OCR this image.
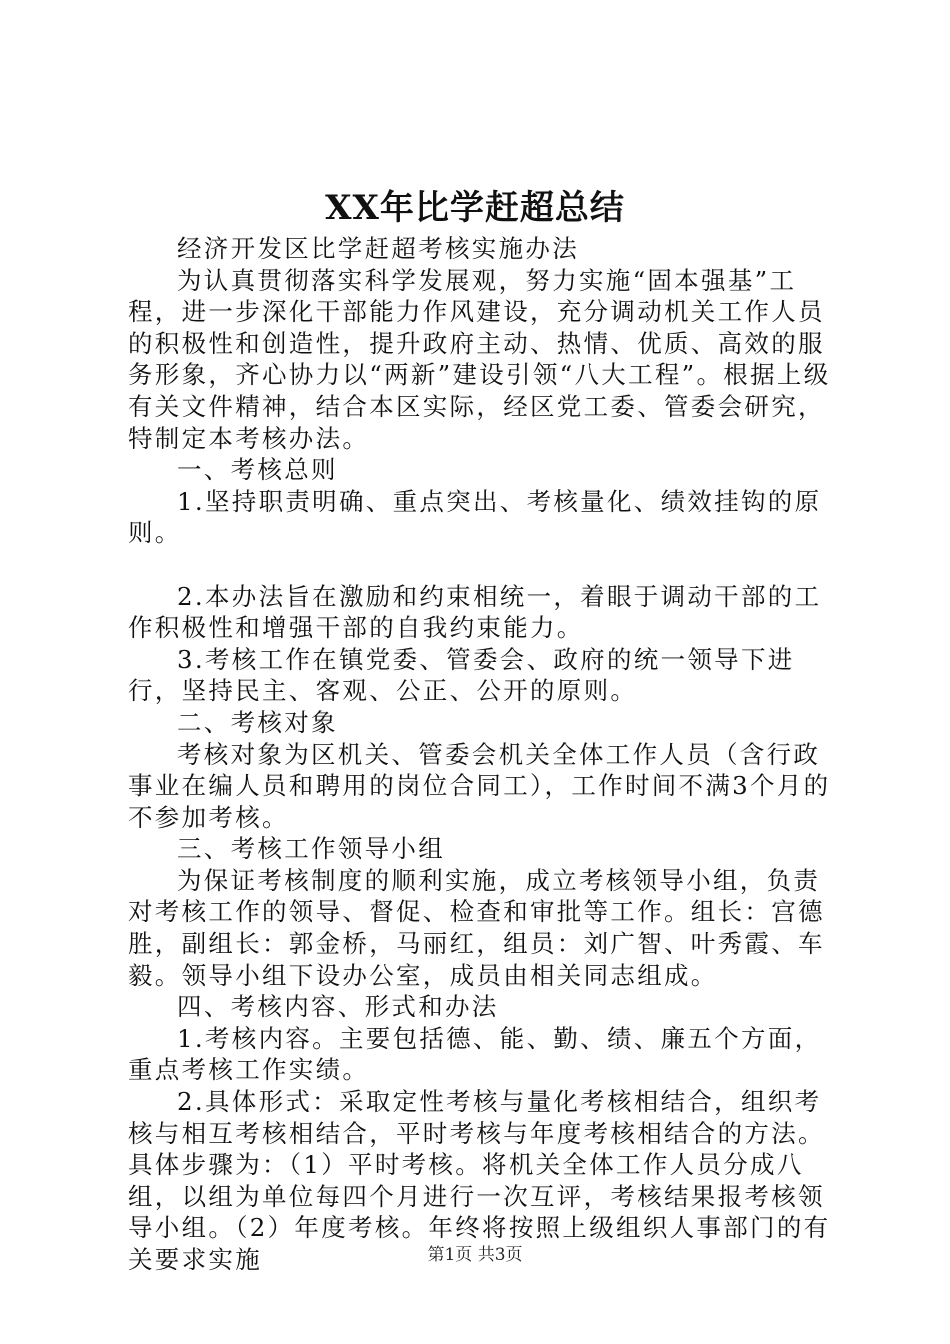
XX年比学赶超总结

经济开发区比学赶超考核实施办法

为认真贯彻落实科学发展观，努力实施“固本强基”工程，进一步深化干部能力作风建设，充分调动机关工作人员的积极性和创造性，提升政府主动、热情、优质、高效的服务形象，齐心协力以“两新”建设引领“八大工程”。根据上级有关文件精神，结合本区实际，经区党工委、管委会研究，特制定本考核办法。

一、考核总则

1.坚持职责明确、重点突出、考核量化、绩效挂钩的原则。

2.本办法旨在激励和约束相统一，着眼于调动干部的工作积极性和增强干部的自我约束能力。

3.考核工作在镇党委、管委会、政府的统一领导下进行，坚持民主、客观、公正、公开的原则。

二、考核对象

考核对象为区机关、管委会机关全体工作人员（含行政事业在编人员和聘用的岗位合同工），工作时间不满3个月的不参加考核。

三、考核工作领导小组

为保证考核制度的顺利实施，成立考核领导小组，负责对考核工作的领导、督促、检查和审批等工作。组长：宫德胜，副组长：郭金桥，马丽红，组员：刘广智、叶秀霞、车毅。领导小组下设办公室，成员由相关同志组成。

四、考核内容、形式和办法

1.考核内容。主要包括德、能、勤、绩、廉五个方面，重点考核工作实绩。

2.具体形式：采取定性考核与量化考核相结合，组织考核与相互考核相结合，平时考核与年度考核相结合的方法。具体步骤为：（1）平时考核。将机关全体工作人员分成八组，以组为单位每四个月进行一次互评，考核结果报考核领导小组。（2）年度考核。年终将按照上级组织人事部门的有关要求实施	第1页 共3页
